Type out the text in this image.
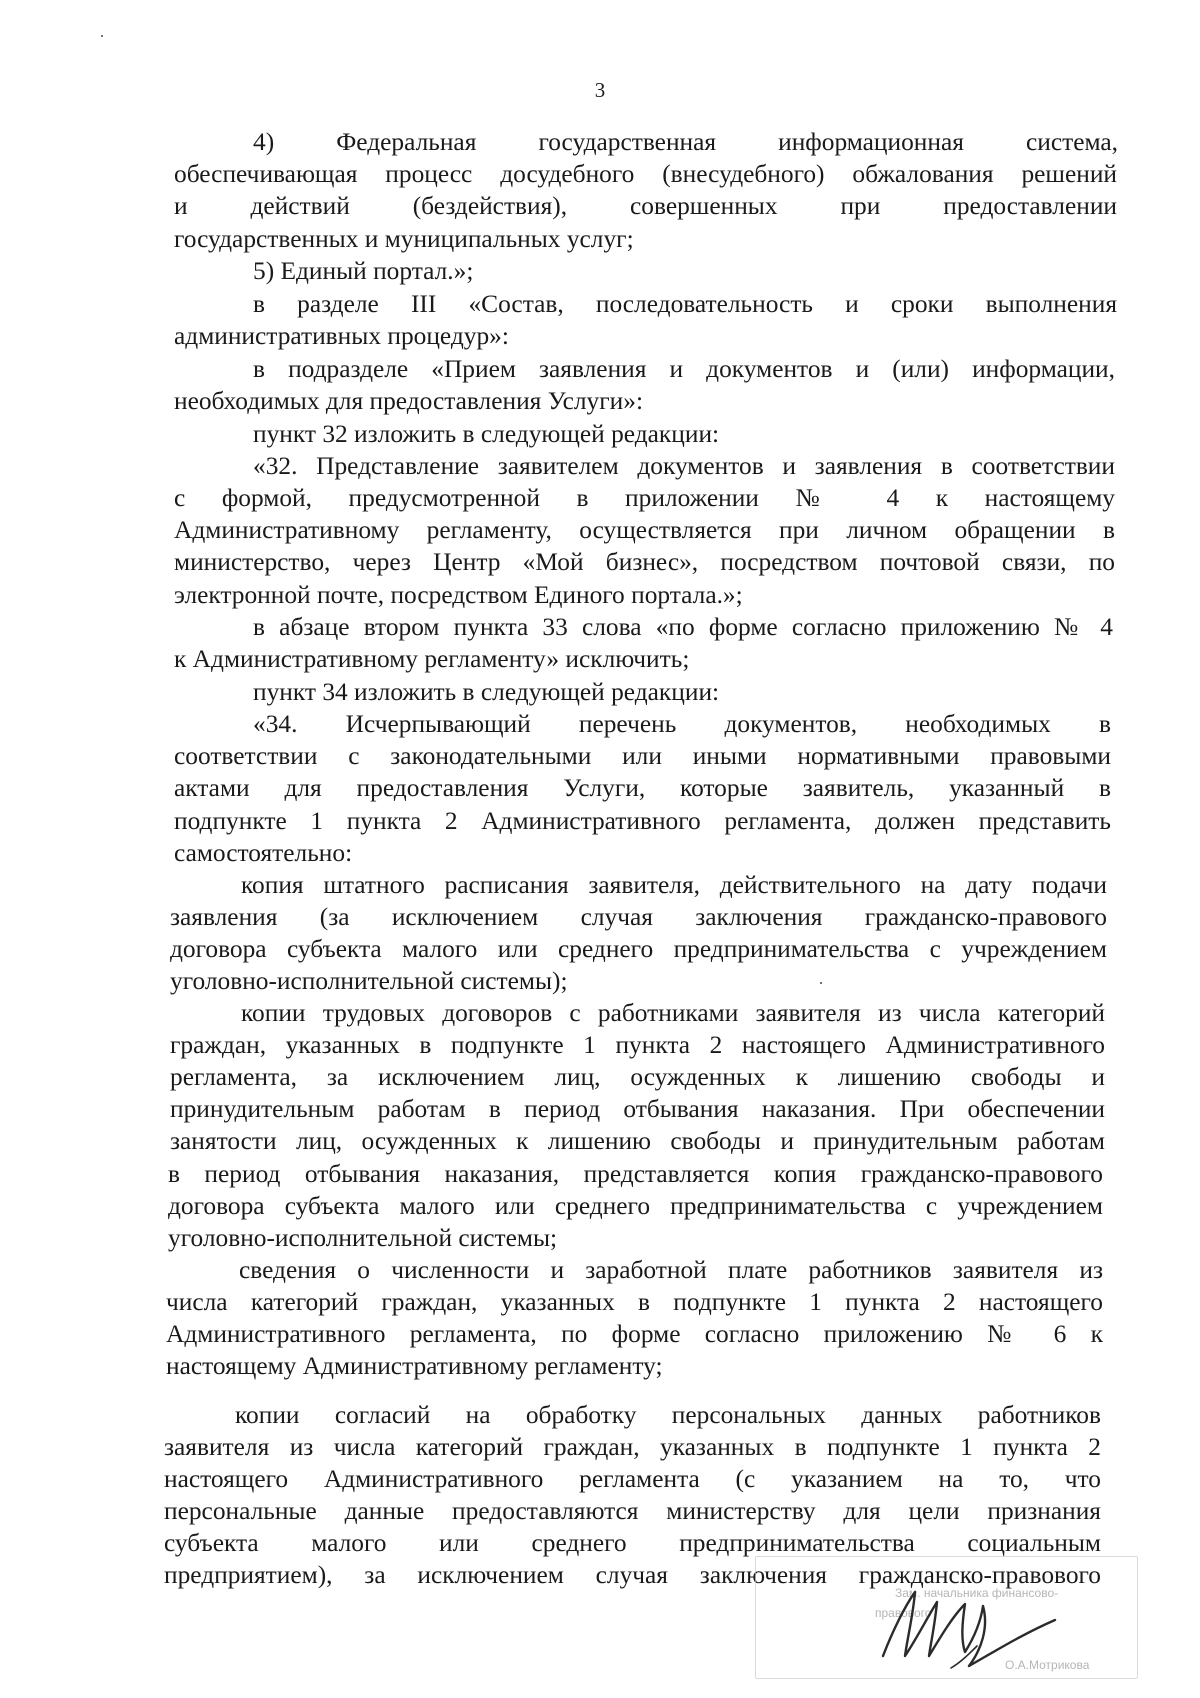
3
4) Федеральная государственная информационная система,
обеспечивающая процесс досудебного (внесудебного) обжалования решений
и действий (бездействия), совершенных при предоставлении
государственных и муниципальных услуг;
5) Единый портал.»;
в разделе III «Состав, последовательность и сроки выполнения
административных процедур»:
в подразделе «Прием заявления и документов и (или) информации,
необходимых для предоставления Услуги»:
пункт 32 изложить в следующей редакции:
«32. Представление заявителем документов и заявления в соответствии
с формой, предусмотренной в приложении № 4 к настоящему
Административному регламенту, осуществляется при личном обращении в
министерство, через Центр «Мой бизнес», посредством почтовой связи, по
электронной почте, посредством Единого портала.»;
в абзаце втором пункта 33 слова «по форме согласно приложению № 4
к Административному регламенту» исключить;
пункт 34 изложить в следующей редакции:
«34. Исчерпывающий перечень документов, необходимых в
соответствии с законодательными или иными нормативными правовыми
актами для предоставления Услуги, которые заявитель, указанный в
подпункте 1 пункта 2 Административного регламента, должен представить
самостоятельно:
копия штатного расписания заявителя, действительного на дату подачи
заявления (за исключением случая заключения гражданско-правового
договора субъекта малого или среднего предпринимательства с учреждением
уголовно-исполнительной системы);
копии трудовых договоров с работниками заявителя из числа категорий
граждан, указанных в подпункте 1 пункта 2 настоящего Административного
регламента, за исключением лиц, осужденных к лишению свободы и
принудительным работам в период отбывания наказания. При обеспечении
занятости лиц, осужденных к лишению свободы и принудительным работам
в период отбывания наказания, представляется копия гражданско-правового
договора субъекта малого или среднего предпринимательства с учреждением
уголовно-исполнительной системы;
сведения о численности и заработной плате работников заявителя из
числа категорий граждан, указанных в подпункте 1 пункта 2 настоящего
Административного регламента, по форме согласно приложению № 6 к
настоящему Административному регламенту;
копии согласий на обработку персональных данных работников
заявителя из числа категорий граждан, указанных в подпункте 1 пункта 2
настоящего Административного регламента (с указанием на то, что
персональные данные предоставляются министерству для цели признания
субъекта малого или среднего предпринимательства социальным
предприятием), за исключением случая заключения гражданско-правового
Зам. начальника финансово-
правового
О.А.Мотрикова
